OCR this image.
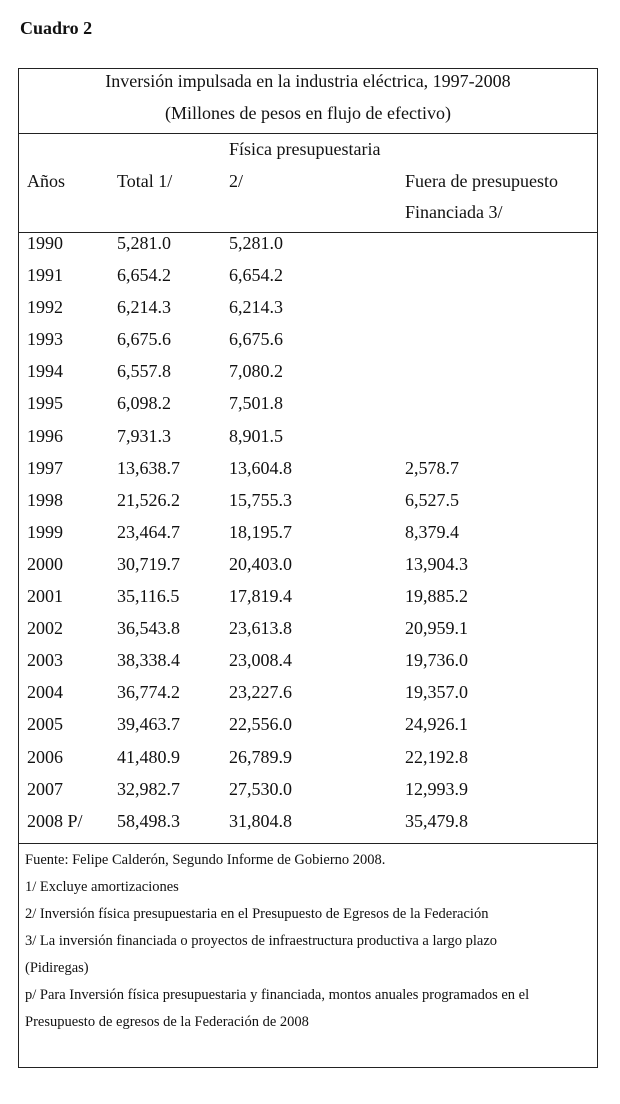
Cuadro 2
Inversión impulsada en la industria eléctrica, 1997-2008
(Millones de pesos en flujo de efectivo)
Física presupuestaria
Años	Total 1/	2/	Fuera de presupuesto
Financiada 3/
1990	5,281.0	5,281.0
1991	6,654.2	6,654.2
1992	6,214.3	6,214.3
1993	6,675.6	6,675.6
1994	6,557.8	7,080.2
1995	6,098.2	7,501.8
1996	7,931.3	8,901.5
1997	13,638.7	13,604.8	2,578.7
1998	21,526.2	15,755.3	6,527.5
1999	23,464.7	18,195.7	8,379.4
2000	30,719.7	20,403.0	13,904.3
2001	35,116.5	17,819.4	19,885.2
2002	36,543.8	23,613.8	20,959.1
2003	38,338.4	23,008.4	19,736.0
2004	36,774.2	23,227.6	19,357.0
2005	39,463.7	22,556.0	24,926.1
2006	41,480.9	26,789.9	22,192.8
2007	32,982.7	27,530.0	12,993.9
2008 P/ 58,498.3	31,804.8	35,479.8
Fuente: Felipe Calderón, Segundo Informe de Gobierno 2008.
1/ Excluye amortizaciones
2/ Inversión física presupuestaria en el Presupuesto de Egresos de la Federación
3/ La inversión financiada o proyectos de infraestructura productiva a largo plazo
(Pidiregas)
p/ Para Inversión física presupuestaria y financiada, montos anuales programados en el
Presupuesto de egresos de la Federación de 2008
